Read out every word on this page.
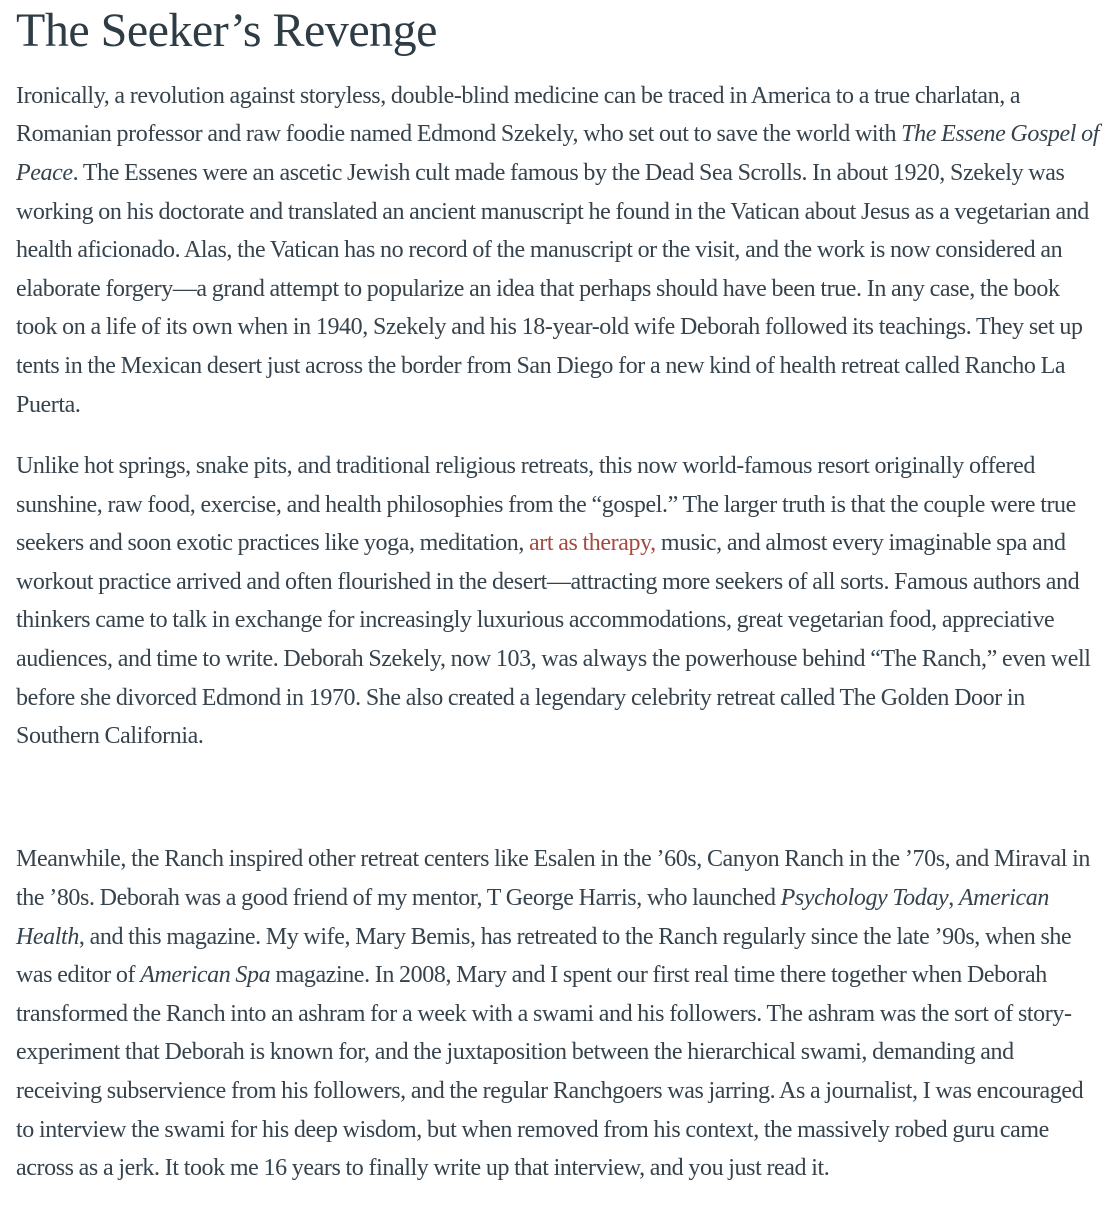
The Seeker’s Revenge

Ironically, a revolution against storyless, double-blind medicine can be traced in America to a true charlatan, a Romanian professor and raw foodie named Edmond Szekely, who set out to save the world with The Essene Gospel of Peace. The Essenes were an ascetic Jewish cult made famous by the Dead Sea Scrolls. In about 1920, Szekely was working on his doctorate and translated an ancient manuscript he found in the Vatican about Jesus as a vegetarian and health aficionado. Alas, the Vatican has no record of the manuscript or the visit, and the work is now considered an elaborate forgery—a grand attempt to popularize an idea that perhaps should have been true. In any case, the book took on a life of its own when in 1940, Szekely and his 18-year-old wife Deborah followed its teachings. They set up tents in the Mexican desert just across the border from San Diego for a new kind of health retreat called Rancho La Puerta.

Unlike hot springs, snake pits, and traditional religious retreats, this now world-famous resort originally offered sunshine, raw food, exercise, and health philosophies from the “gospel.” The larger truth is that the couple were true seekers and soon exotic practices like yoga, meditation, art as therapy, music, and almost every imaginable spa and workout practice arrived and often flourished in the desert—attracting more seekers of all sorts. Famous authors and thinkers came to talk in exchange for increasingly luxurious accommodations, great vegetarian food, appreciative audiences, and time to write. Deborah Szekely, now 103, was always the powerhouse behind “The Ranch,” even well before she divorced Edmond in 1970. She also created a legendary celebrity retreat called The Golden Door in Southern California.

Meanwhile, the Ranch inspired other retreat centers like Esalen in the ’60s, Canyon Ranch in the ’70s, and Miraval in the ’80s. Deborah was a good friend of my mentor, T George Harris, who launched Psychology Today, American Health, and this magazine. My wife, Mary Bemis, has retreated to the Ranch regularly since the late ’90s, when she was editor of American Spa magazine. In 2008, Mary and I spent our first real time there together when Deborah transformed the Ranch into an ashram for a week with a swami and his followers. The ashram was the sort of story-experiment that Deborah is known for, and the juxtaposition between the hierarchical swami, demanding and receiving subservience from his followers, and the regular Ranchgoers was jarring. As a journalist, I was encouraged to interview the swami for his deep wisdom, but when removed from his context, the massively robed guru came across as a jerk. It took me 16 years to finally write up that interview, and you just read it.
